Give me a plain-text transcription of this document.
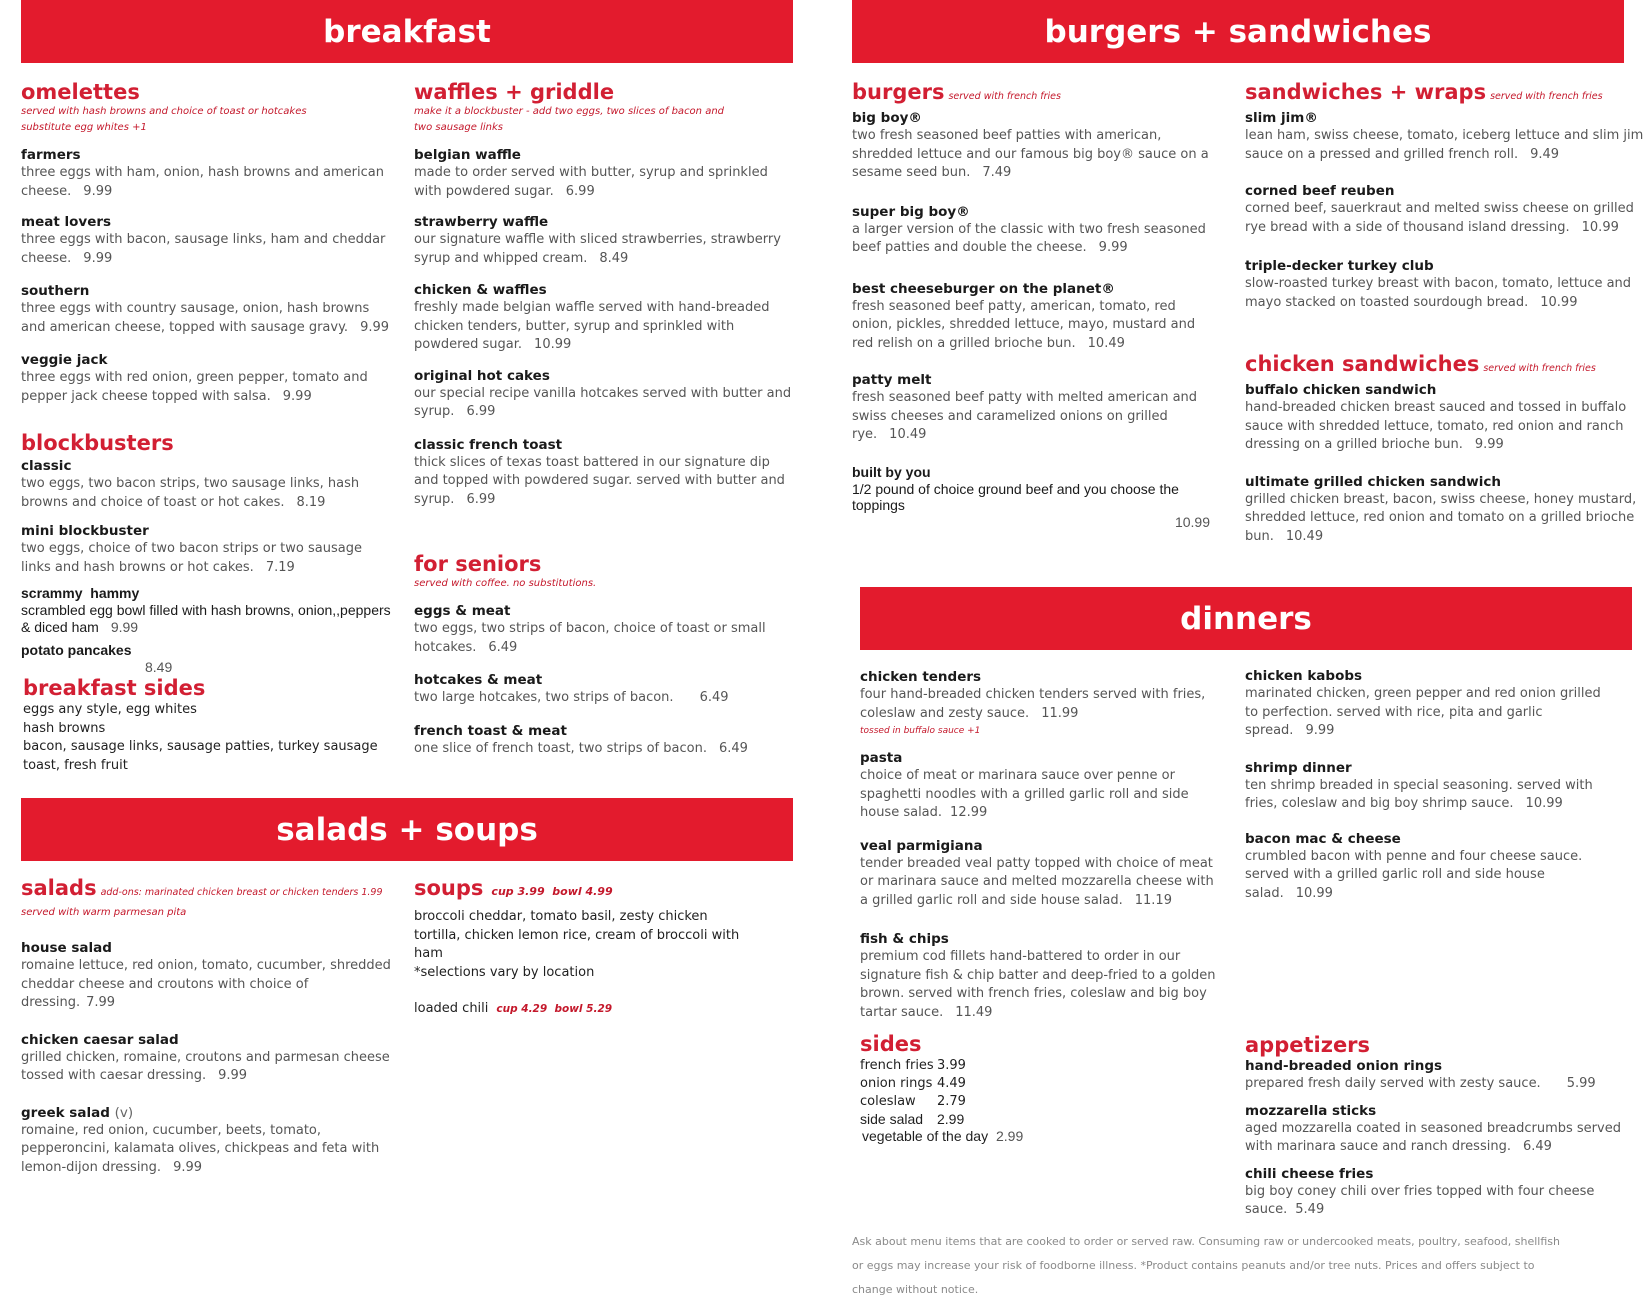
breakfast	burgers + sandwiches
salads + soups
dinners
omelettes
served with hash browns and choice of toast or hotcakes
substitute egg whites +1
farmers
three eggs with ham, onion, hash browns and american cheese. 9.99
meat lovers
three eggs with bacon, sausage links, ham and cheddar cheese. 9.99
southern
three eggs with country sausage, onion, hash browns and american cheese, topped with sausage gravy. 9.99
veggie jack
three eggs with red onion, green pepper, tomato and pepper jack cheese topped with salsa. 9.99
blockbusters
classic
two eggs, two bacon strips, two sausage links, hash browns and choice of toast or hot cakes. 8.19
mini blockbuster
two eggs, choice of two bacon strips or two sausage links and hash browns or hot cakes. 7.19
scrammy  hammy
scrambled egg bowl filled with hash browns, onion,,peppers & diced ham 9.99
potato pancakes
8.49
breakfast sides
eggs any style, egg whites
hash browns
bacon, sausage links, sausage patties, turkey sausage
toast, fresh fruit
waffles + griddle
make it a blockbuster - add two eggs, two slices of bacon and
two sausage links
belgian waffle
made to order served with butter, syrup and sprinkled with powdered sugar. 6.99
strawberry waffle
our signature waffle with sliced strawberries, strawberry syrup and whipped cream. 8.49
chicken & waffles
freshly made belgian waffle served with hand-breaded chicken tenders, butter, syrup and sprinkled with powdered sugar. 10.99
original hot cakes
our special recipe vanilla hotcakes served with butter and syrup. 6.99
classic french toast
thick slices of texas toast battered in our signature dip and topped with powdered sugar. served with butter and syrup. 6.99
for seniors
served with coffee. no substitutions.
eggs & meat
two eggs, two strips of bacon, choice of toast or small hotcakes. 6.49
hotcakes & meat
two large hotcakes, two strips of bacon. 6.49
french toast & meat
one slice of french toast, two strips of bacon. 6.49
salads add-ons: marinated chicken breast or chicken tenders 1.99
served with warm parmesan pita
house salad
romaine lettuce, red onion, tomato, cucumber, shredded cheddar cheese and croutons with choice of dressing. 7.99
chicken caesar salad
grilled chicken, romaine, croutons and parmesan cheese tossed with caesar dressing. 9.99
greek salad (v)
romaine, red onion, cucumber, beets, tomato, pepperoncini, kalamata olives, chickpeas and feta with lemon-dijon dressing. 9.99
soups cup 3.99  bowl 4.99
broccoli cheddar, tomato basil, zesty chicken tortilla, chicken lemon rice, cream of broccoli with ham
*selections vary by location
loaded chili cup 4.29  bowl 5.29
burgers served with french fries
big boy®
two fresh seasoned beef patties with american, shredded lettuce and our famous big boy® sauce on a sesame seed bun. 7.49
super big boy®
a larger version of the classic with two fresh seasoned beef patties and double the cheese. 9.99
best cheeseburger on the planet®
fresh seasoned beef patty, american, tomato, red onion, pickles, shredded lettuce, mayo, mustard and red relish on a grilled brioche bun. 10.49
patty melt
fresh seasoned beef patty with melted american and swiss cheeses and caramelized onions on grilled rye. 10.49
built by you
1/2 pound of choice ground beef and you choose the toppings
10.99
sandwiches + wraps served with french fries
slim jim®
lean ham, swiss cheese, tomato, iceberg lettuce and slim jim sauce on a pressed and grilled french roll. 9.49
corned beef reuben
corned beef, sauerkraut and melted swiss cheese on grilled rye bread with a side of thousand island dressing. 10.99
triple-decker turkey club
slow-roasted turkey breast with bacon, tomato, lettuce and mayo stacked on toasted sourdough bread. 10.99
chicken sandwiches served with french fries
buffalo chicken sandwich
hand-breaded chicken breast sauced and tossed in buffalo sauce with shredded lettuce, tomato, red onion and ranch dressing on a grilled brioche bun. 9.99
ultimate grilled chicken sandwich
grilled chicken breast, bacon, swiss cheese, honey mustard, shredded lettuce, red onion and tomato on a grilled brioche bun. 10.49
chicken tenders
four hand-breaded chicken tenders served with fries, coleslaw and zesty sauce. 11.99
tossed in buffalo sauce +1
pasta
choice of meat or marinara sauce over penne or spaghetti noodles with a grilled garlic roll and side house salad. 12.99
veal parmigiana
tender breaded veal patty topped with choice of meat or marinara sauce and melted mozzarella cheese with a grilled garlic roll and side house salad. 11.19
fish & chips
premium cod fillets hand-battered to order in our signature fish & chip batter and deep-fried to a golden brown. served with french fries, coleslaw and big boy tartar sauce. 11.49
chicken kabobs
marinated chicken, green pepper and red onion grilled to perfection. served with rice, pita and garlic spread. 9.99
shrimp dinner
ten shrimp breaded in special seasoning. served with fries, coleslaw and big boy shrimp sauce. 10.99
bacon mac & cheese
crumbled bacon with penne and four cheese sauce. served with a grilled garlic roll and side house salad. 10.99
sides
french fries 3.99
onion rings 4.49
coleslaw 2.79
side salad 2.99
vegetable of the day 2.99
appetizers
hand-breaded onion rings
prepared fresh daily served with zesty sauce. 5.99
mozzarella sticks
aged mozzarella coated in seasoned breadcrumbs served with marinara sauce and ranch dressing. 6.49
chili cheese fries
big boy coney chili over fries topped with four cheese sauce. 5.49
Ask about menu items that are cooked to order or served raw. Consuming raw or undercooked meats, poultry, seafood, shellfish or eggs may increase your risk of foodborne illness. *Product contains peanuts and/or tree nuts. Prices and offers subject to change without notice.
